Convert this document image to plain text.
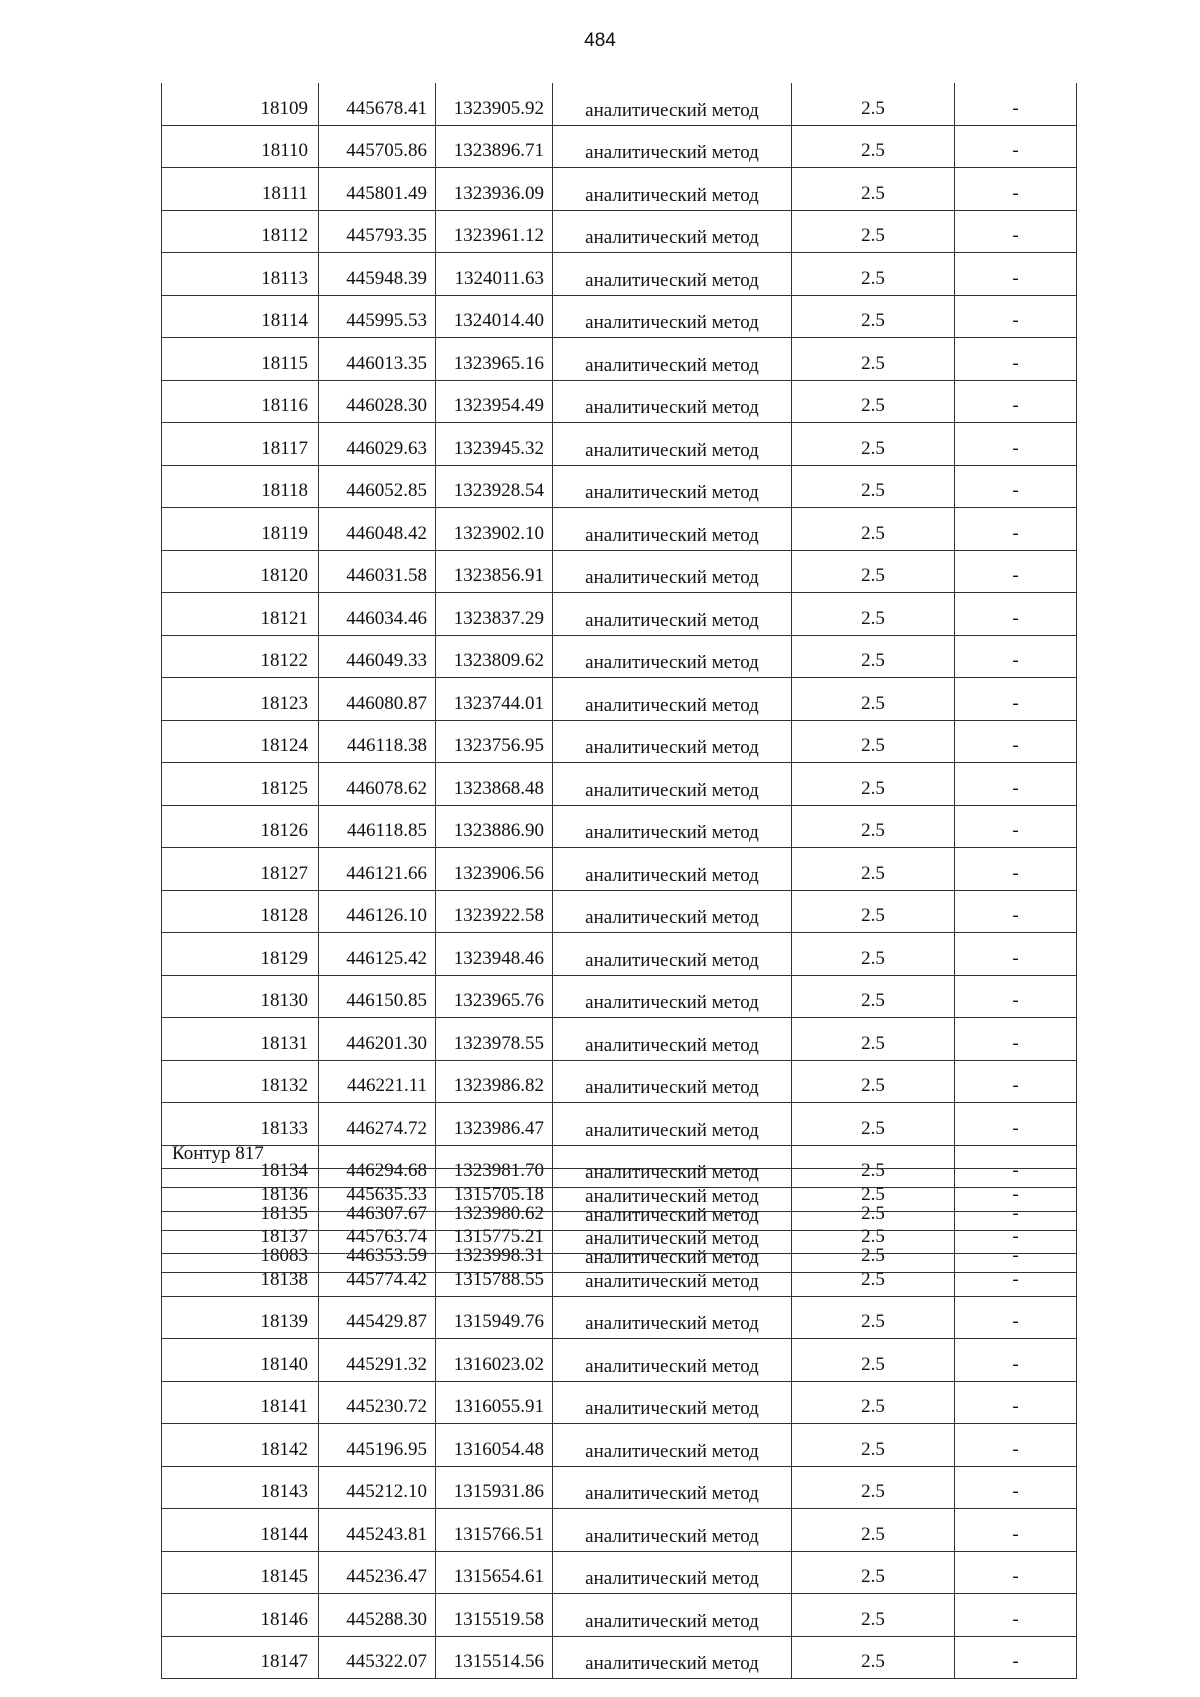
484
18109	445678.41	1323905.92	аналитический метод	2.5	-
18110	445705.86	1323896.71	аналитический метод	2.5	-
18111	445801.49	1323936.09	аналитический метод	2.5	-
18112	445793.35	1323961.12	аналитический метод	2.5	-
18113	445948.39	1324011.63	аналитический метод	2.5	-
18114	445995.53	1324014.40	аналитический метод	2.5	-
18115	446013.35	1323965.16	аналитический метод	2.5	-
18116	446028.30	1323954.49	аналитический метод	2.5	-
18117	446029.63	1323945.32	аналитический метод	2.5	-
18118	446052.85	1323928.54	аналитический метод	2.5	-
18119	446048.42	1323902.10	аналитический метод	2.5	-
18120	446031.58	1323856.91	аналитический метод	2.5	-
18121	446034.46	1323837.29	аналитический метод	2.5	-
18122	446049.33	1323809.62	аналитический метод	2.5	-
18123	446080.87	1323744.01	аналитический метод	2.5	-
18124	446118.38	1323756.95	аналитический метод	2.5	-
18125	446078.62	1323868.48	аналитический метод	2.5	-
18126	446118.85	1323886.90	аналитический метод	2.5	-
18127	446121.66	1323906.56	аналитический метод	2.5	-
18128	446126.10	1323922.58	аналитический метод	2.5	-
18129	446125.42	1323948.46	аналитический метод	2.5	-
18130	446150.85	1323965.76	аналитический метод	2.5	-
18131	446201.30	1323978.55	аналитический метод	2.5	-
18132	446221.11	1323986.82	аналитический метод	2.5	-
18133	446274.72	1323986.47	аналитический метод	2.5	-
18134	446294.68	1323981.70	аналитический метод	2.5	-
18135	446307.67	1323980.62	аналитический метод	2.5	-
18083	446353.59	1323998.31	аналитический метод	2.5	-
Контур 817
18136	445635.33	1315705.18	аналитический метод	2.5	-
18137	445763.74	1315775.21	аналитический метод	2.5	-
18138	445774.42	1315788.55	аналитический метод	2.5	-
18139	445429.87	1315949.76	аналитический метод	2.5	-
18140	445291.32	1316023.02	аналитический метод	2.5	-
18141	445230.72	1316055.91	аналитический метод	2.5	-
18142	445196.95	1316054.48	аналитический метод	2.5	-
18143	445212.10	1315931.86	аналитический метод	2.5	-
18144	445243.81	1315766.51	аналитический метод	2.5	-
18145	445236.47	1315654.61	аналитический метод	2.5	-
18146	445288.30	1315519.58	аналитический метод	2.5	-
18147	445322.07	1315514.56	аналитический метод	2.5	-
